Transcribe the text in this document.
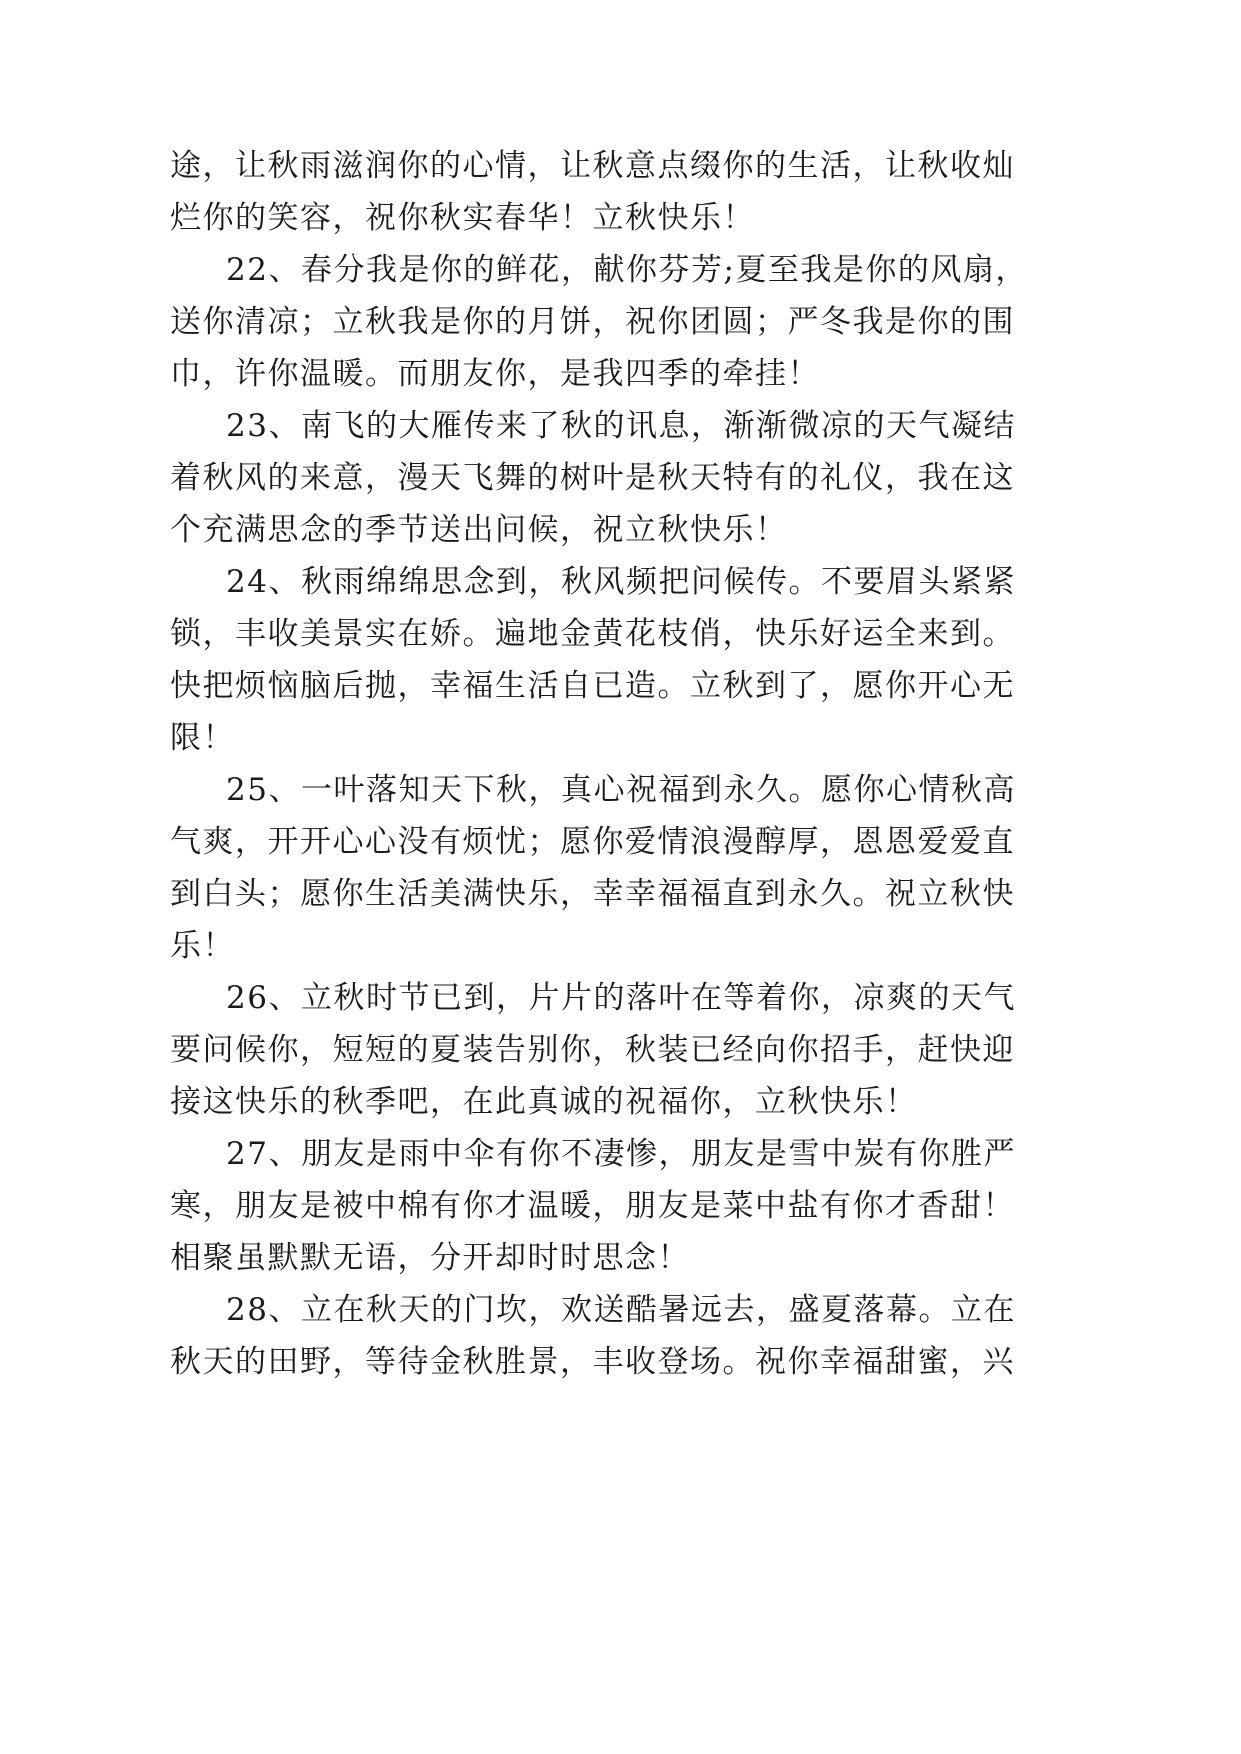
途，让秋雨滋润你的心情，让秋意点缀你的生活，让秋收灿

烂你的笑容，祝你秋实春华！立秋快乐！

22、春分我是你的鲜花，献你芬芳;夏至我是你的风扇，

送你清凉；立秋我是你的月饼，祝你团圆；严冬我是你的围

巾，许你温暖。而朋友你，是我四季的牵挂！

23、南飞的大雁传来了秋的讯息，渐渐微凉的天气凝结

着秋风的来意，漫天飞舞的树叶是秋天特有的礼仪，我在这

个充满思念的季节送出问候，祝立秋快乐！

24、秋雨绵绵思念到，秋风频把问候传。不要眉头紧紧

锁，丰收美景实在娇。遍地金黄花枝俏，快乐好运全来到。

快把烦恼脑后抛，幸福生活自已造。立秋到了，愿你开心无

限！

25、一叶落知天下秋，真心祝福到永久。愿你心情秋高

气爽，开开心心没有烦忧；愿你爱情浪漫醇厚，恩恩爱爱直

到白头；愿你生活美满快乐，幸幸福福直到永久。祝立秋快

乐！

26、立秋时节已到，片片的落叶在等着你，凉爽的天气

要问候你，短短的夏装告别你，秋装已经向你招手，赶快迎

接这快乐的秋季吧，在此真诚的祝福你，立秋快乐！

27、朋友是雨中伞有你不凄惨，朋友是雪中炭有你胜严

寒，朋友是被中棉有你才温暖，朋友是菜中盐有你才香甜！

相聚虽默默无语，分开却时时思念！

28、立在秋天的门坎，欢送酷暑远去，盛夏落幕。立在

秋天的田野，等待金秋胜景，丰收登场。祝你幸福甜蜜，兴
